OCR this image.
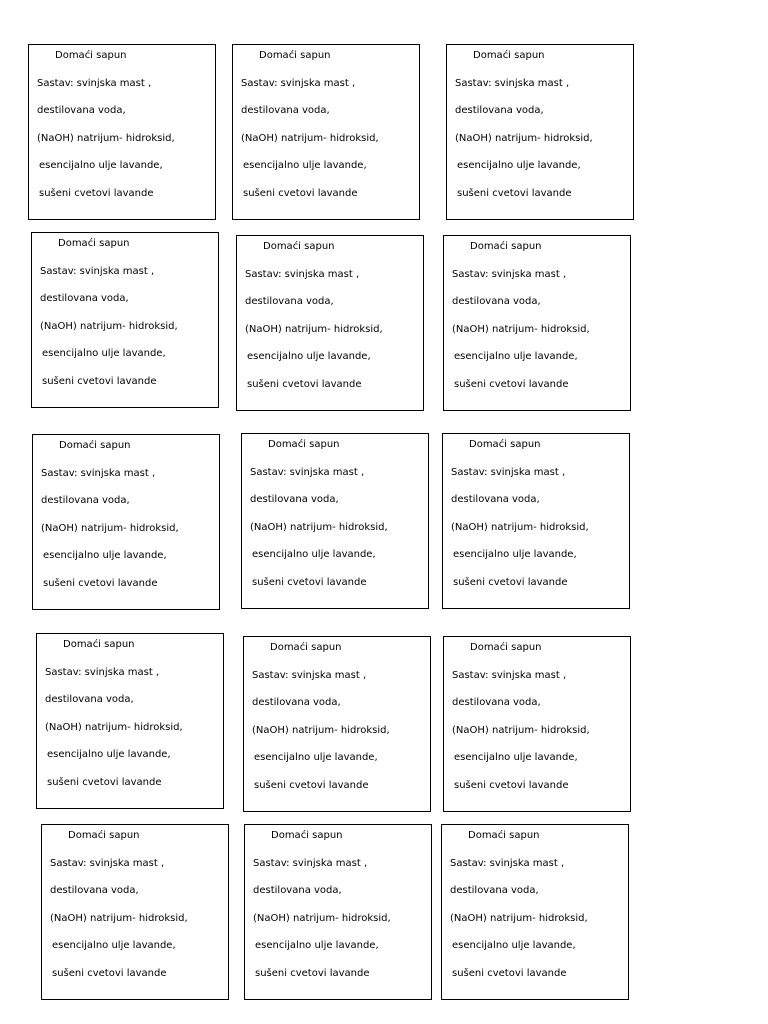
Domaći sapun
Sastav: svinjska mast ,
destilovana voda,
(NaOH) natrijum- hidroksid,
esencijalno ulje lavande,
sušeni cvetovi lavande
Domaći sapun
Sastav: svinjska mast ,
destilovana voda,
(NaOH) natrijum- hidroksid,
esencijalno ulje lavande,
sušeni cvetovi lavande
Domaći sapun
Sastav: svinjska mast ,
destilovana voda,
(NaOH) natrijum- hidroksid,
esencijalno ulje lavande,
sušeni cvetovi lavande
Domaći sapun
Sastav: svinjska mast ,
destilovana voda,
(NaOH) natrijum- hidroksid,
esencijalno ulje lavande,
sušeni cvetovi lavande
Domaći sapun
Sastav: svinjska mast ,
destilovana voda,
(NaOH) natrijum- hidroksid,
esencijalno ulje lavande,
sušeni cvetovi lavande
Domaći sapun
Sastav: svinjska mast ,
destilovana voda,
(NaOH) natrijum- hidroksid,
esencijalno ulje lavande,
sušeni cvetovi lavande
Domaći sapun
Sastav: svinjska mast ,
destilovana voda,
(NaOH) natrijum- hidroksid,
esencijalno ulje lavande,
sušeni cvetovi lavande
Domaći sapun
Sastav: svinjska mast ,
destilovana voda,
(NaOH) natrijum- hidroksid,
esencijalno ulje lavande,
sušeni cvetovi lavande
Domaći sapun
Sastav: svinjska mast ,
destilovana voda,
(NaOH) natrijum- hidroksid,
esencijalno ulje lavande,
sušeni cvetovi lavande
Domaći sapun
Sastav: svinjska mast ,
destilovana voda,
(NaOH) natrijum- hidroksid,
esencijalno ulje lavande,
sušeni cvetovi lavande
Domaći sapun
Sastav: svinjska mast ,
destilovana voda,
(NaOH) natrijum- hidroksid,
esencijalno ulje lavande,
sušeni cvetovi lavande
Domaći sapun
Sastav: svinjska mast ,
destilovana voda,
(NaOH) natrijum- hidroksid,
esencijalno ulje lavande,
sušeni cvetovi lavande
Domaći sapun
Sastav: svinjska mast ,
destilovana voda,
(NaOH) natrijum- hidroksid,
esencijalno ulje lavande,
sušeni cvetovi lavande
Domaći sapun
Sastav: svinjska mast ,
destilovana voda,
(NaOH) natrijum- hidroksid,
esencijalno ulje lavande,
sušeni cvetovi lavande
Domaći sapun
Sastav: svinjska mast ,
destilovana voda,
(NaOH) natrijum- hidroksid,
esencijalno ulje lavande,
sušeni cvetovi lavande
